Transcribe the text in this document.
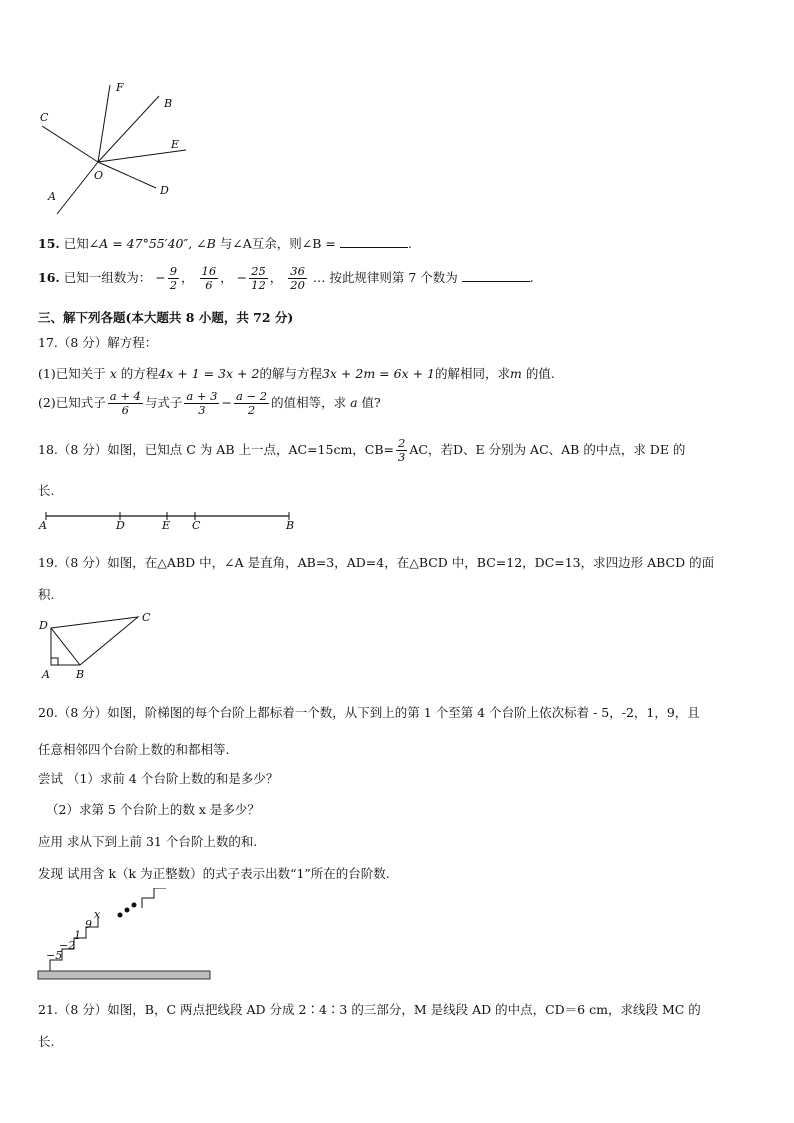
F
B
C
E
O
D
A
15. 已知∠A = 47°55′40″, ∠B 与∠A互余，则∠B =	.
16. 已知一组数为： − $\frac{9}{2}$ ， $\frac{16}{6}$ ， − $\frac{25}{12}$ ， $\frac{36}{20}$ … 按此规律则第 7 个数为	.
三、解下列各题(本大题共 8 小题，共 72 分)
17.（8 分）解方程：
(1)已知关于 x 的方程4x + 1 = 3x + 2的解与方程3x + 2m = 6x + 1的解相同，求m 的值.
(2)已知式子 $\frac{a + 4}{6}$ 与式子 $\frac{a + 3}{3} - \frac{a - 2}{2}$ 的值相等，求 a 值?
18.（8 分）如图，已知点 C 为 AB 上一点，AC=15cm，$CB= \frac{2}{3}$ AC，若D、E 分别为 AC、AB 的中点，求 DE 的
长.
A	D	E C	B
19.（8 分）如图，在△ABD 中，∠A 是直角，AB=3，AD=4，在△BCD 中，BC=12，DC=13，求四边形 ABCD 的面
积.
D
C
A B
20.（8 分）如图，阶梯图的每个台阶上都标着一个数，从下到上的第 1 个至第 4 个台阶上依次标着 - 5，-2，1，9，且
任意相邻四个台阶上数的和都相等.
尝试 （1）求前 4 个台阶上数的和是多少？
（2）求第 5 个台阶上的数 x 是多少？
应用 求从下到上前 31 个台阶上数的和.
发现 试用含 k（k 为正整数）的式子表示出数“1”所在的台阶数.
−5
−2
1
9
x
21.（8 分）如图，B，C 两点把线段 AD 分成 2∶4∶3 的三部分，M 是线段 AD 的中点，CD＝6 cm，求线段 MC 的
长.
